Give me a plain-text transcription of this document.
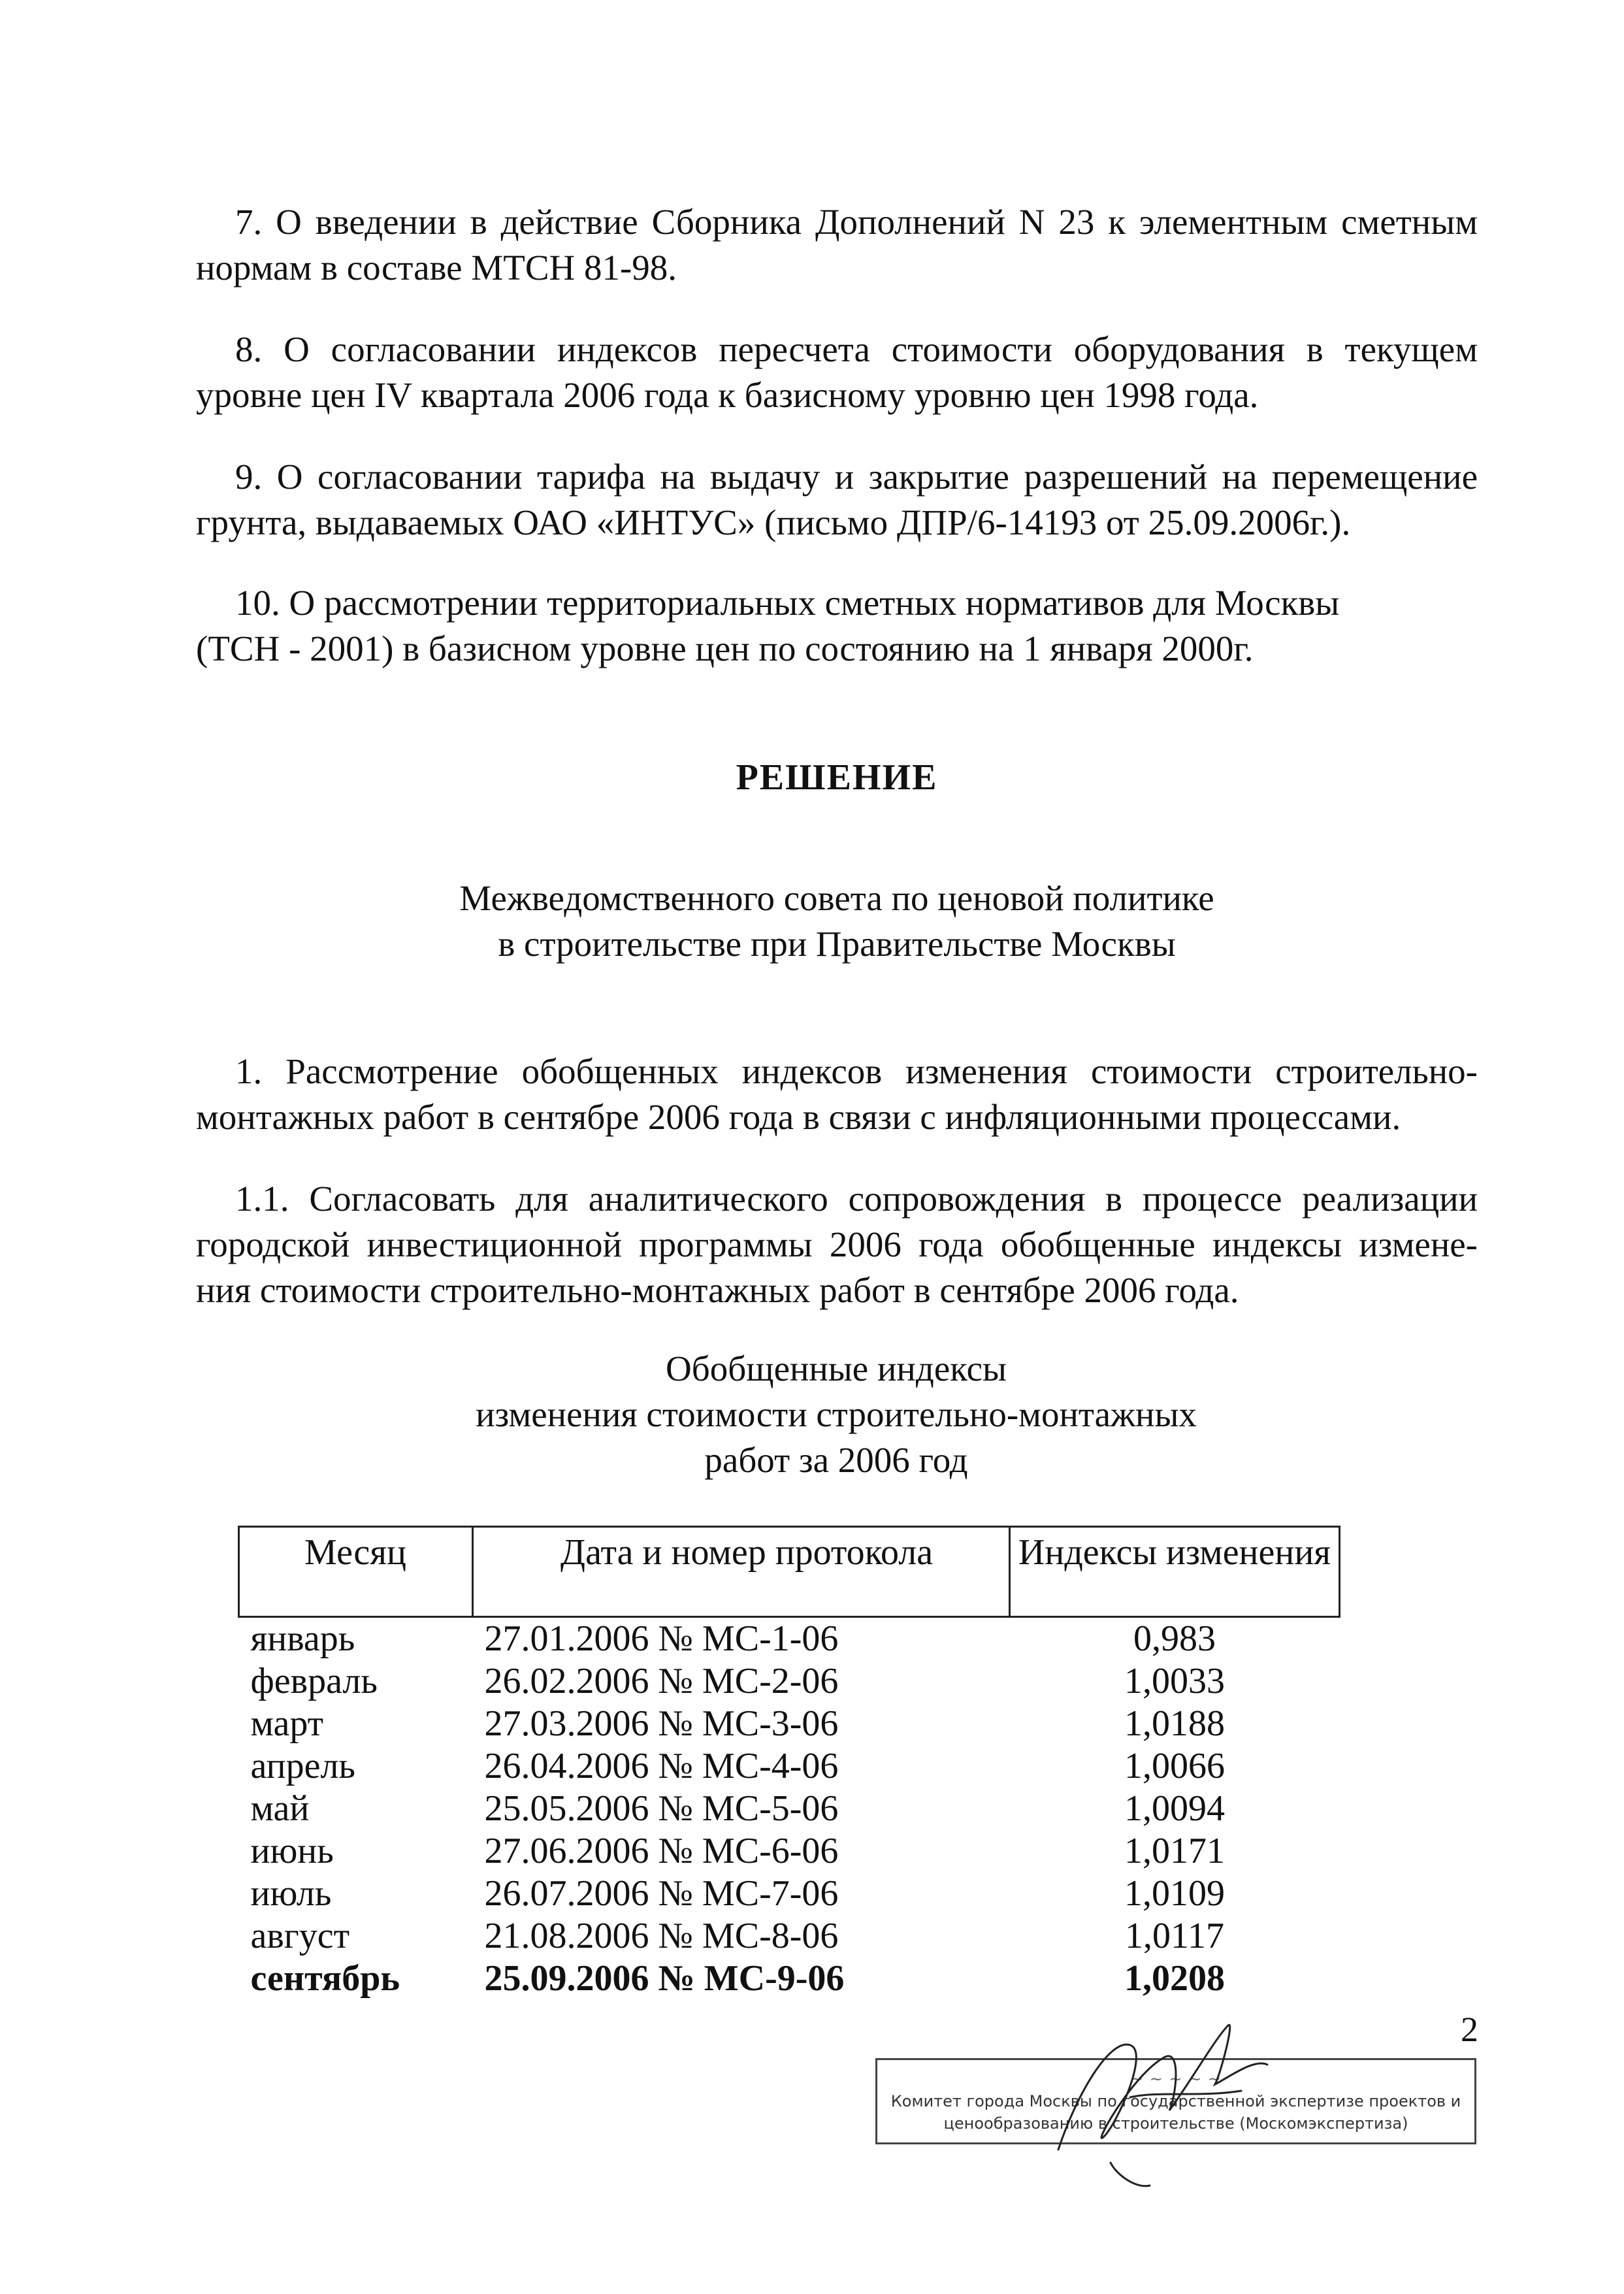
7. О введении в действие Сборника Дополнений N 23 к элементным сметным
нормам в составе МТСН 81-98.

8. О согласовании индексов пересчета стоимости оборудования в текущем
уровне цен IV квартала 2006 года к базисному уровню цен 1998 года.

9. О согласовании тарифа на выдачу и закрытие разрешений на перемещение
грунта, выдаваемых ОАО «ИНТУС» (письмо ДПР/6-14193 от 25.09.2006г.).

10. О рассмотрении территориальных сметных нормативов для Москвы
(ТСН - 2001) в базисном уровне цен по состоянию на 1 января 2000г.

РЕШЕНИЕ

Межведомственного совета по ценовой политике
в строительстве при Правительстве Москвы

1. Рассмотрение обобщенных индексов изменения стоимости строительно-
монтажных работ в сентябре 2006 года в связи с инфляционными процессами.

1.1. Согласовать для аналитического сопровождения в процессе реализации
городской инвестиционной программы 2006 года обобщенные индексы измене-
ния стоимости строительно-монтажных работ в сентябре 2006 года.

Обобщенные индексы
изменения стоимости строительно-монтажных
работ за 2006 год

Месяц	Дата и номер протокола	Индексы изменения
январь	27.01.2006 № МС-1-06	0,983
февраль	26.02.2006 № МС-2-06	1,0033
март	27.03.2006 № МС-3-06	1,0188
апрель	26.04.2006 № МС-4-06	1,0066
май	25.05.2006 № МС-5-06	1,0094
июнь	27.06.2006 № МС-6-06	1,0171
июль	26.07.2006 № МС-7-06	1,0109
август	21.08.2006 № МС-8-06	1,0117
сентябрь	25.09.2006 № МС-9-06	1,0208
2
~ ~ ~ ~ ~
Комитет города Москвы по государственной экспертизе проектов и
ценообразованию в строительстве (Москомэкспертиза)
